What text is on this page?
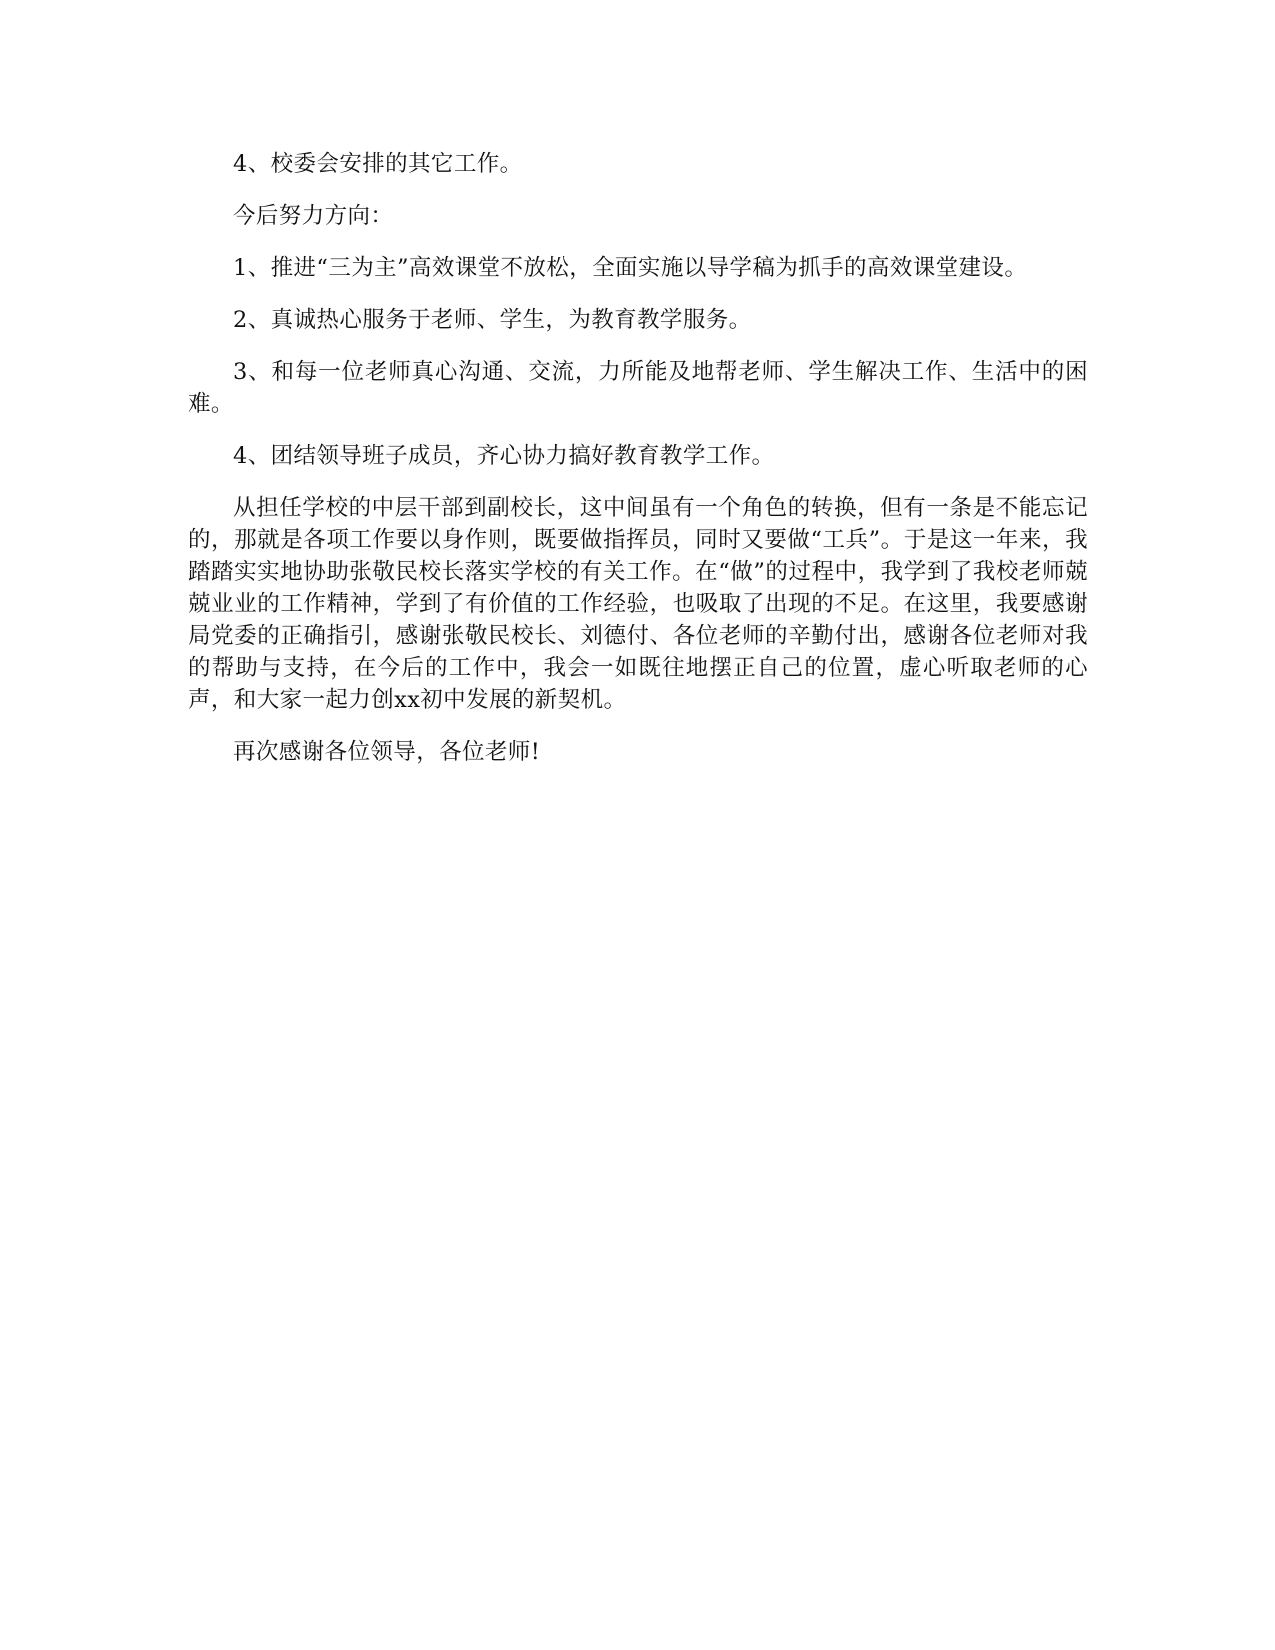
4、校委会安排的其它工作。

今后努力方向：

1、推进“三为主”高效课堂不放松，全面实施以导学稿为抓手的高效课堂建设。

2、真诚热心服务于老师、学生，为教育教学服务。

3、和每一位老师真心沟通、交流，力所能及地帮老师、学生解决工作、生活中的困难。

4、团结领导班子成员，齐心协力搞好教育教学工作。

从担任学校的中层干部到副校长，这中间虽有一个角色的转换，但有一条是不能忘记的，那就是各项工作要以身作则，既要做指挥员，同时又要做“工兵”。于是这一年来，我踏踏实实地协助张敬民校长落实学校的有关工作。在“做”的过程中，我学到了我校老师兢兢业业的工作精神，学到了有价值的工作经验，也吸取了出现的不足。在这里，我要感谢局党委的正确指引，感谢张敬民校长、刘德付、各位老师的辛勤付出，感谢各位老师对我的帮助与支持，在今后的工作中，我会一如既往地摆正自己的位置，虚心听取老师的心声，和大家一起力创xx初中发展的新契机。

再次感谢各位领导，各位老师!
